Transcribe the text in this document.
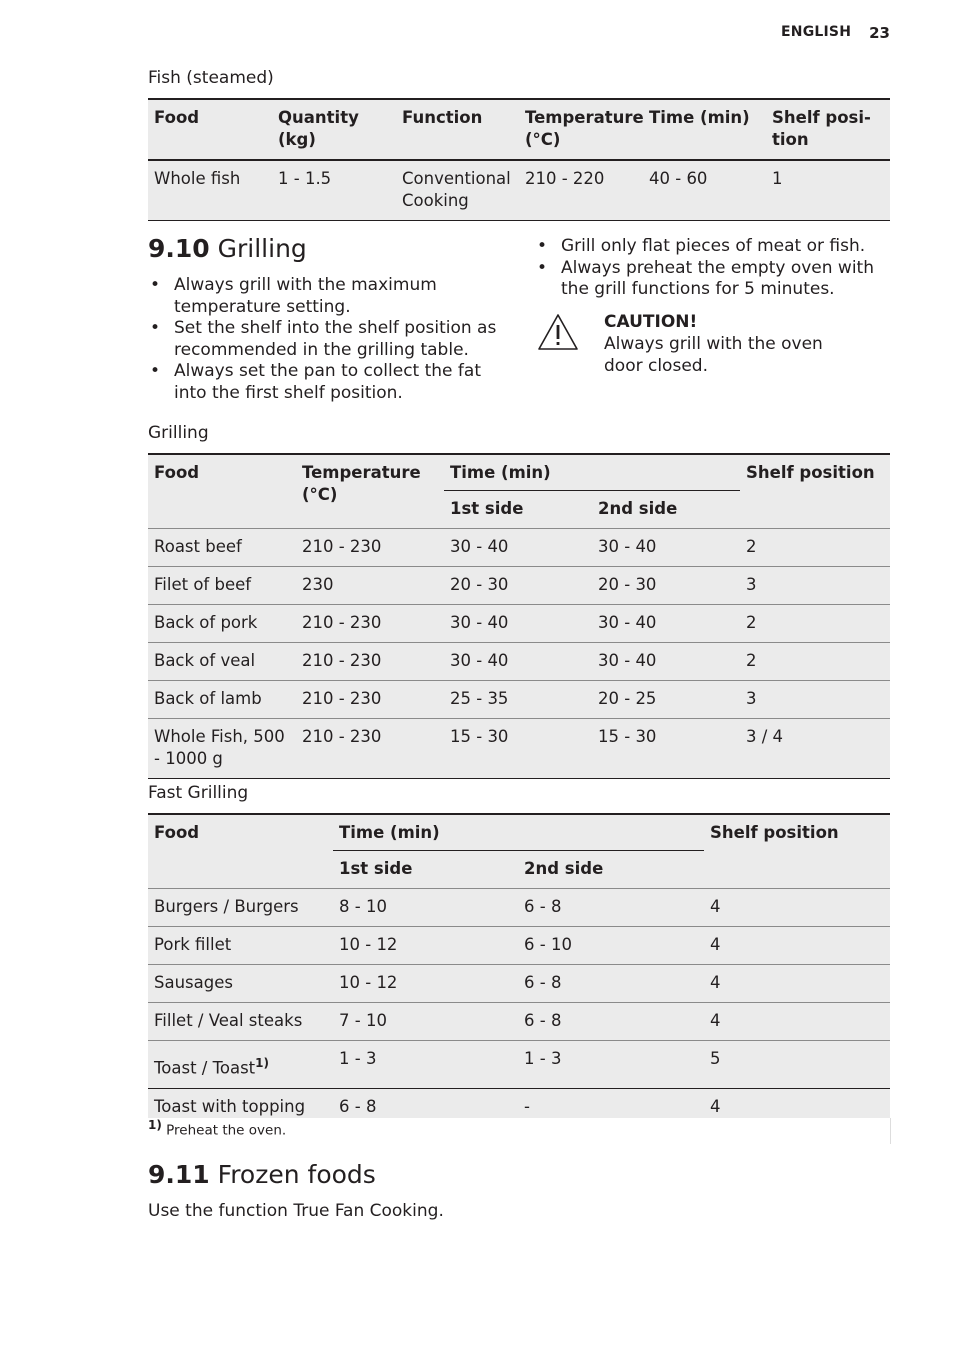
ENGLISH 23
Fish (steamed)
Food	Quantity (kg)	Function	Temperature (°C)	Time (min)	Shelf posi-tion
Whole fish	1 - 1.5	Conventional Cooking	210 - 220	40 - 60	1
9.10 Grilling
• Always grill with the maximum temperature setting.
• Set the shelf into the shelf position as recommended in the grilling table.
• Always set the pan to collect the fat into the first shelf position.
• Grill only flat pieces of meat or fish.
• Always preheat the empty oven with the grill functions for 5 minutes.
CAUTION!
Always grill with the oven door closed.
Grilling
Food	Temperature (°C)	Time (min)		Shelf position
		1st side	2nd side	
Roast beef	210 - 230	30 - 40	30 - 40	2
Filet of beef	230	20 - 30	20 - 30	3
Back of pork	210 - 230	30 - 40	30 - 40	2
Back of veal	210 - 230	30 - 40	30 - 40	2
Back of lamb	210 - 230	25 - 35	20 - 25	3
Whole Fish, 500 - 1000 g	210 - 230	15 - 30	15 - 30	3 / 4
Fast Grilling
Food	Time (min)		Shelf position
	1st side	2nd side	
Burgers / Burgers	8 - 10	6 - 8	4
Pork fillet	10 - 12	6 - 10	4
Sausages	10 - 12	6 - 8	4
Fillet / Veal steaks	7 - 10	6 - 8	4
Toast / Toast$^{1)}$	1 - 3	1 - 3	5
Toast with topping	6 - 8	-	4
$^{1)}$ Preheat the oven.
9.11 Frozen foods
Use the function True Fan Cooking.
